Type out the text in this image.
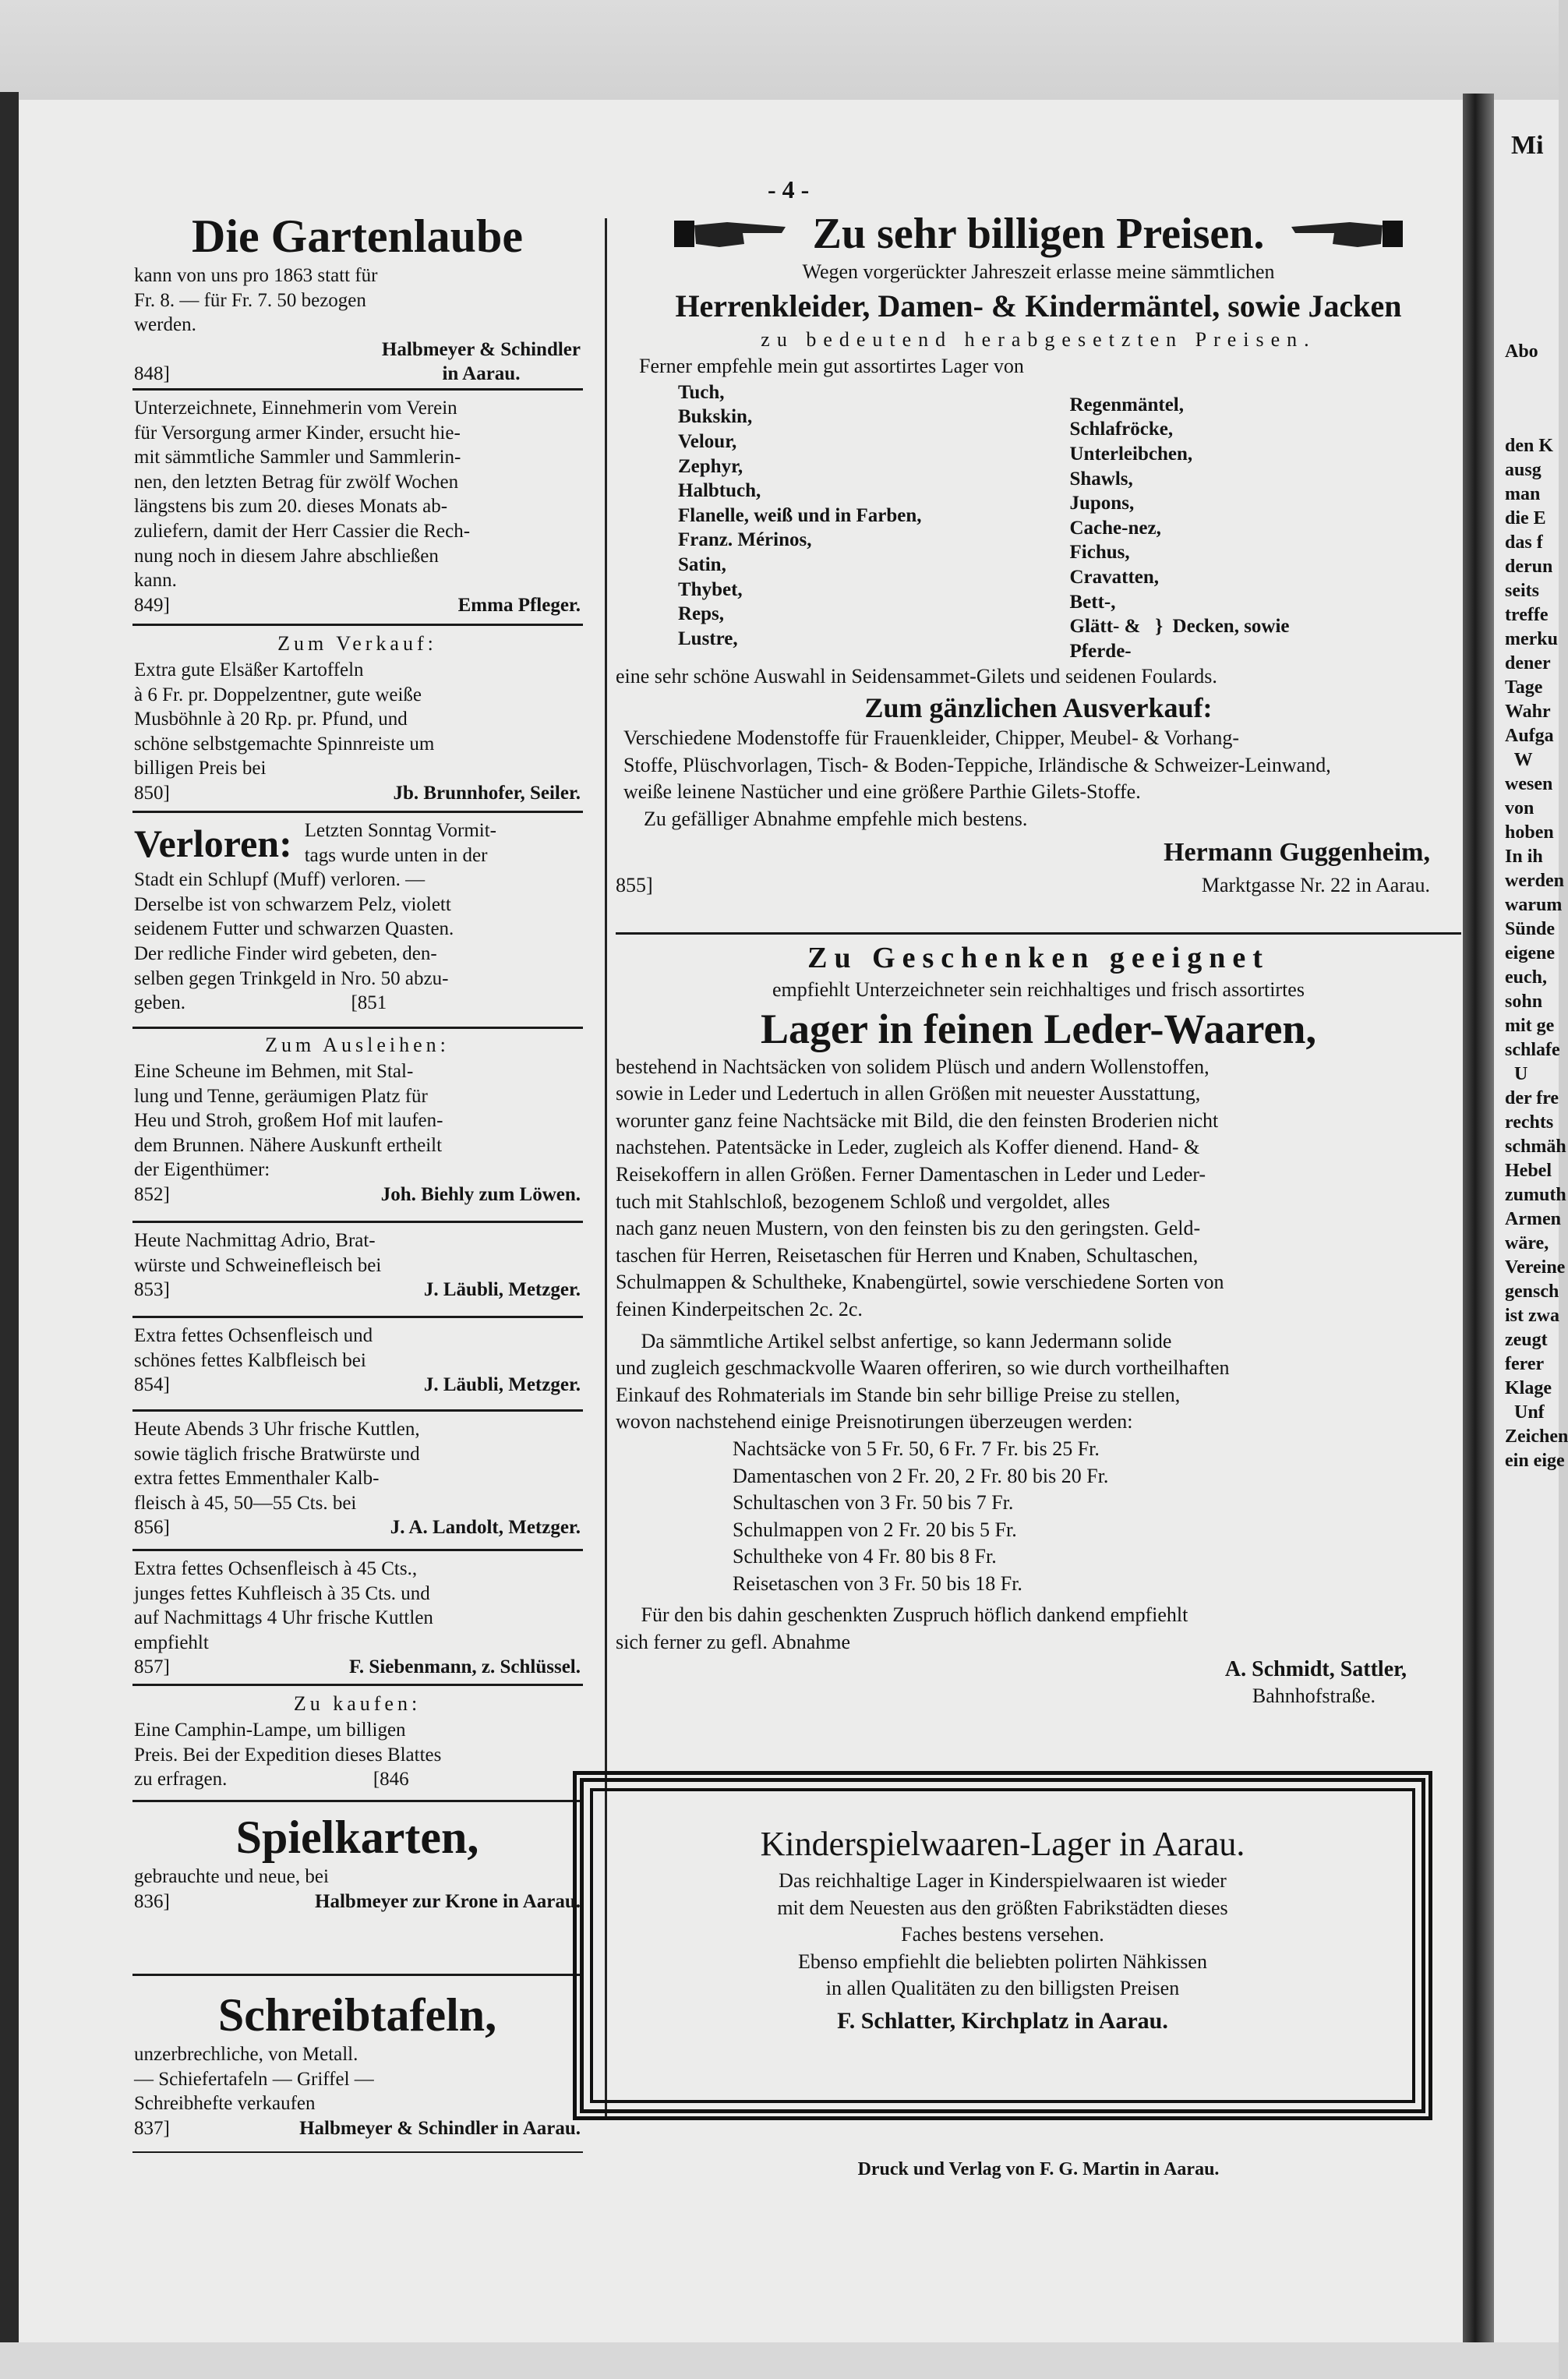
Mi
Abo
den K
ausg
man
die E
das f
derun
seits
treffe
merku
dener
Tage
Wahr
Aufga
W
wesen
von
hoben
In ih
werden
warum
Sünde
eigene
euch,
sohn
mit ge
schlafe
U
der fre
rechts
schmäh
Hebel
zumuth
Armen
wäre,
Vereine
gensch
ist zwa
zeugt
ferer
Klage
Unf
Zeichen
ein eige
- 4 -
Die Gartenlaube
kann von uns pro 1863 statt für
Fr. 8. — für Fr. 7. 50 bezogen
werden.
848]
Halbmeyer & Schindler
in Aarau.
Unterzeichnete, Einnehmerin vom Verein
für Versorgung armer Kinder, ersucht hie-
mit sämmtliche Sammler und Sammlerin-
nen, den letzten Betrag für zwölf Wochen
längstens bis zum 20. dieses Monats ab-
zuliefern, damit der Herr Cassier die Rech-
nung noch in diesem Jahre abschließen
kann.
849]	Emma Pfleger.
Zum Verkauf:
Extra gute Elsäßer Kartoffeln
à 6 Fr. pr. Doppelzentner, gute weiße
Musböhnle à 20 Rp. pr. Pfund, und
schöne selbstgemachte Spinnreiste um
billigen Preis bei
850]	Jb. Brunnhofer, Seiler.
Verloren: Letzten Sonntag Vormit-
tags wurde unten in der
Stadt ein Schlupf (Muff) verloren. —
Derselbe ist von schwarzem Pelz, violett
seidenem Futter und schwarzen Quasten.
Der redliche Finder wird gebeten, den-
selben gegen Trinkgeld in Nro. 50 abzu-
geben.                                  [851
Zum Ausleihen:
Eine Scheune im Behmen, mit Stal-
lung und Tenne, geräumigen Platz für
Heu und Stroh, großem Hof mit laufen-
dem Brunnen. Nähere Auskunft ertheilt
der Eigenthümer:
852]	Joh. Biehly zum Löwen.
Heute Nachmittag Adrio, Brat-
würste und Schweinefleisch bei
853]	J. Läubli, Metzger.
Extra fettes Ochsenfleisch und
schönes fettes Kalbfleisch bei
854]	J. Läubli, Metzger.
Heute Abends 3 Uhr frische Kuttlen,
sowie täglich frische Bratwürste und
extra fettes Emmenthaler Kalb-
fleisch à 45, 50—55 Cts. bei
856]	J. A. Landolt, Metzger.
Extra fettes Ochsenfleisch à 45 Cts.,
junges fettes Kuhfleisch à 35 Cts. und
auf Nachmittags 4 Uhr frische Kuttlen
empfiehlt
857]	F. Siebenmann, z. Schlüssel.
Zu kaufen:
Eine Camphin-Lampe, um billigen
Preis. Bei der Expedition dieses Blattes
zu erfragen.                              [846
Spielkarten,
gebrauchte und neue, bei
836]	Halbmeyer zur Krone in Aarau.
Schreibtafeln,
unzerbrechliche, von Metall.
— Schiefertafeln — Griffel —
Schreibhefte verkaufen
837]	Halbmeyer & Schindler in Aarau.
Zu sehr billigen Preisen.
Wegen vorgerückter Jahreszeit erlasse meine sämmtlichen
Herrenkleider, Damen- & Kindermäntel, sowie Jacken
zu bedeutend herabgesetzten Preisen.
Ferner empfehle mein gut assortirtes Lager von
Tuch,
Bukskin,
Velour,
Zephyr,
Halbtuch,
Flanelle, weiß und in Farben,
Franz. Mérinos,
Satin,
Thybet,
Reps,
Lustre,
Regenmäntel,
Schlafröcke,
Unterleibchen,
Shawls,
Jupons,
Cache-nez,
Fichus,
Cravatten,
Bett-,
Glätt- &   }  Decken, sowie
Pferde-
eine sehr schöne Auswahl in Seidensammet-Gilets und seidenen Foulards.
Zum gänzlichen Ausverkauf:
Verschiedene Modenstoffe für Frauenkleider, Chipper, Meubel- & Vorhang-
Stoffe, Plüschvorlagen, Tisch- & Boden-Teppiche, Irländische & Schweizer-Leinwand,
weiße leinene Nastücher und eine größere Parthie Gilets-Stoffe.
Zu gefälliger Abnahme empfehle mich bestens.
Hermann Guggenheim,
855]	Marktgasse Nr. 22 in Aarau.
Zu Geschenken geeignet
empfiehlt Unterzeichneter sein reichhaltiges und frisch assortirtes
Lager in feinen Leder-Waaren,
bestehend in Nachtsäcken von solidem Plüsch und andern Wollenstoffen,
sowie in Leder und Ledertuch in allen Größen mit neuester Ausstattung,
worunter ganz feine Nachtsäcke mit Bild, die den feinsten Broderien nicht
nachstehen. Patentsäcke in Leder, zugleich als Koffer dienend. Hand- &
Reisekoffern in allen Größen. Ferner Damentaschen in Leder und Leder-
tuch mit Stahlschloß, bezogenem Schloß und vergoldet, alles
nach ganz neuen Mustern, von den feinsten bis zu den geringsten. Geld-
taschen für Herren, Reisetaschen für Herren und Knaben, Schultaschen,
Schulmappen & Schultheke, Knabengürtel, sowie verschiedene Sorten von
feinen Kinderpeitschen 2c. 2c.
Da sämmtliche Artikel selbst anfertige, so kann Jedermann solide
und zugleich geschmackvolle Waaren offeriren, so wie durch vortheilhaften
Einkauf des Rohmaterials im Stande bin sehr billige Preise zu stellen,
wovon nachstehend einige Preisnotirungen überzeugen werden:
Nachtsäcke von 5 Fr. 50, 6 Fr. 7 Fr. bis 25 Fr.
Damentaschen von 2 Fr. 20, 2 Fr. 80 bis 20 Fr.
Schultaschen von 3 Fr. 50 bis 7 Fr.
Schulmappen von 2 Fr. 20 bis 5 Fr.
Schultheke von 4 Fr. 80 bis 8 Fr.
Reisetaschen von 3 Fr. 50 bis 18 Fr.
Für den bis dahin geschenkten Zuspruch höflich dankend empfiehlt
sich ferner zu gefl. Abnahme
A. Schmidt, Sattler,
Bahnhofstraße.
Kinderspielwaaren-Lager in Aarau.
Das reichhaltige Lager in Kinderspielwaaren ist wieder
mit dem Neuesten aus den größten Fabrikstädten dieses
Faches bestens versehen.
Ebenso empfiehlt die beliebten polirten Nähkissen
in allen Qualitäten zu den billigsten Preisen
F. Schlatter, Kirchplatz in Aarau.
Druck und Verlag von F. G. Martin in Aarau.
